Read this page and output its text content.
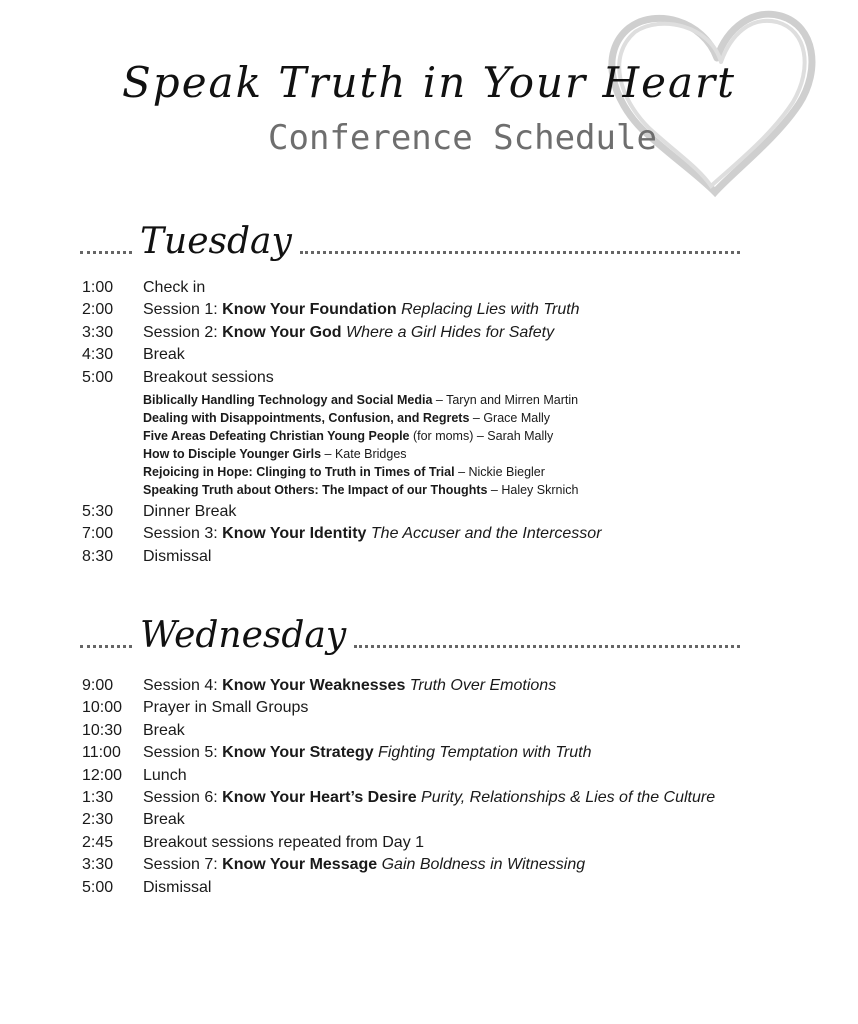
Speak Truth in Your Heart
Conference Schedule
Tuesday
1:00 Check in
2:00 Session 1: Know Your Foundation Replacing Lies with Truth
3:30 Session 2: Know Your God Where a Girl Hides for Safety
4:30 Break
5:00 Breakout sessions
Biblically Handling Technology and Social Media – Taryn and Mirren Martin
Dealing with Disappointments, Confusion, and Regrets – Grace Mally
Five Areas Defeating Christian Young People (for moms) – Sarah Mally
How to Disciple Younger Girls – Kate Bridges
Rejoicing in Hope: Clinging to Truth in Times of Trial – Nickie Biegler
Speaking Truth about Others: The Impact of our Thoughts – Haley Skrnich
5:30 Dinner Break
7:00 Session 3: Know Your Identity The Accuser and the Intercessor
8:30 Dismissal
Wednesday
9:00 Session 4: Know Your Weaknesses Truth Over Emotions
10:00 Prayer in Small Groups
10:30 Break
11:00 Session 5: Know Your Strategy Fighting Temptation with Truth
12:00 Lunch
1:30 Session 6: Know Your Heart’s Desire Purity, Relationships & Lies of the Culture
2:30 Break
2:45 Breakout sessions repeated from Day 1
3:30 Session 7: Know Your Message Gain Boldness in Witnessing
5:00 Dismissal
